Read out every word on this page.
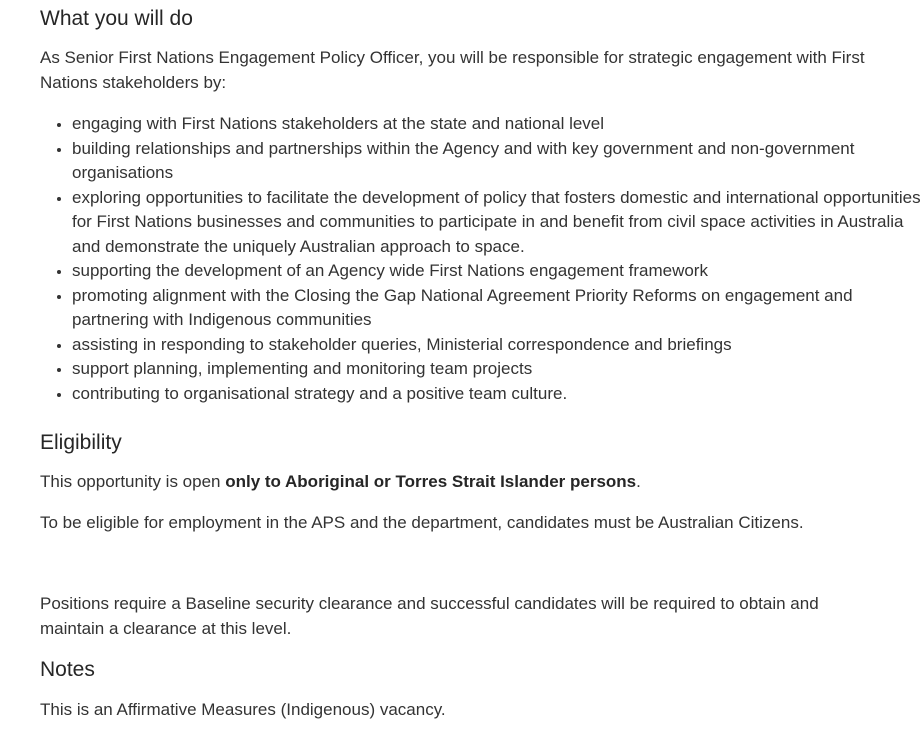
What you will do

As Senior First Nations Engagement Policy Officer, you will be responsible for strategic engagement with First Nations stakeholders by:

• engaging with First Nations stakeholders at the state and national level
• building relationships and partnerships within the Agency and with key government and non-government organisations
• exploring opportunities to facilitate the development of policy that fosters domestic and international opportunities for First Nations businesses and communities to participate in and benefit from civil space activities in Australia and demonstrate the uniquely Australian approach to space.
• supporting the development of an Agency wide First Nations engagement framework
• promoting alignment with the Closing the Gap National Agreement Priority Reforms on engagement and partnering with Indigenous communities
• assisting in responding to stakeholder queries, Ministerial correspondence and briefings
• support planning, implementing and monitoring team projects
• contributing to organisational strategy and a positive team culture.
Eligibility

This opportunity is open only to Aboriginal or Torres Strait Islander persons.

To be eligible for employment in the APS and the department, candidates must be Australian Citizens.

Positions require a Baseline security clearance and successful candidates will be required to obtain and maintain a clearance at this level.

Notes

This is an Affirmative Measures (Indigenous) vacancy.
